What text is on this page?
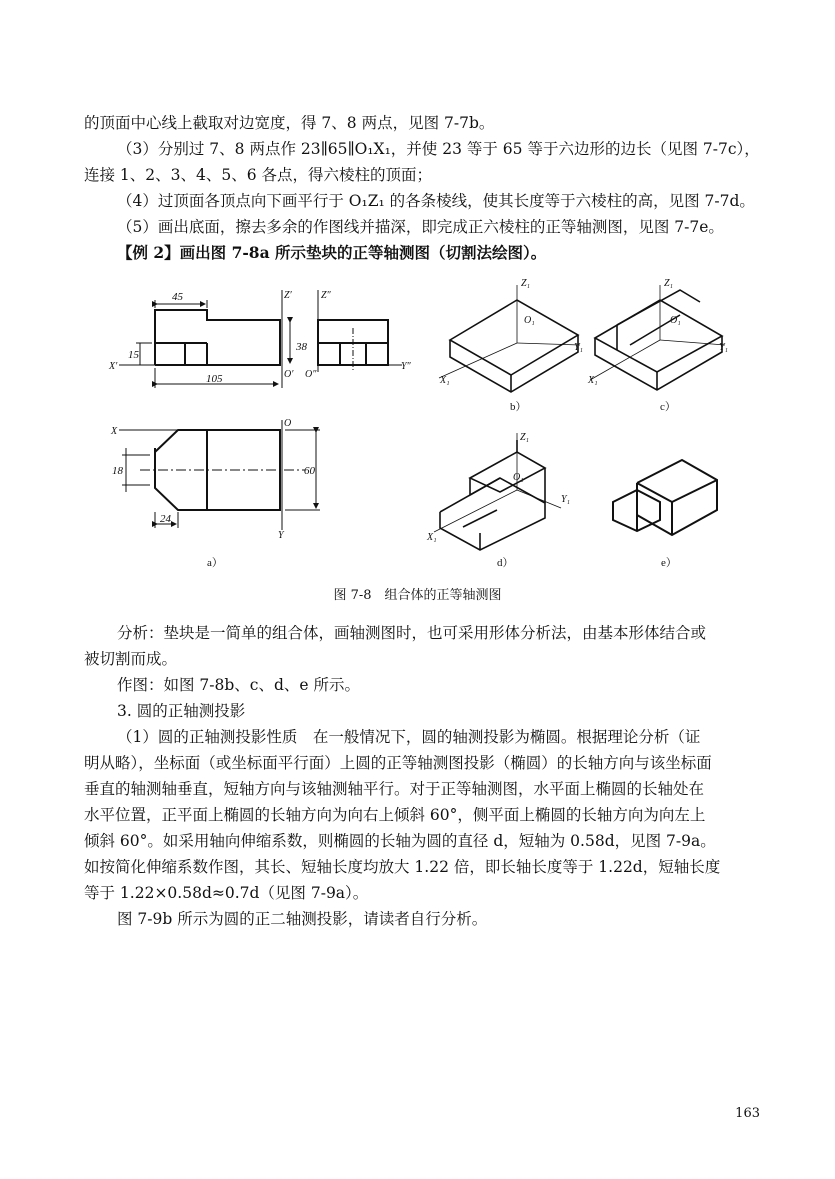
的顶面中心线上截取对边宽度，得 7、8 两点，见图 7-7b。
（3）分别过 7、8 两点作 23∥65∥O₁X₁，并使 23 等于 65 等于六边形的边长（见图 7-7c），
连接 1、2、3、4、5、6 各点，得六棱柱的顶面；
（4）过顶面各顶点向下画平行于 O₁Z₁ 的各条棱线，使其长度等于六棱柱的高，见图 7-7d。
（5）画出底面，擦去多余的作图线并描深，即完成正六棱柱的正等轴测图，见图 7-7e。
【例 2】画出图 7-8a 所示垫块的正等轴测图（切割法绘图）。
45
105
38
15
18
24
60
Z′	Z″
X′
O′ O″
Y″
X
O
Y
Z₁
O₁
X₁
Y₁
Z₁
O₁
X₁
Y₁
Z₁
O₁
X₁
Y₁
a）
b）	c）
d）	e）
图 7-8　组合体的正等轴测图
分析：垫块是一简单的组合体，画轴测图时，也可采用形体分析法，由基本形体结合或
被切割而成。
作图：如图 7-8b、c、d、e 所示。
3. 圆的正轴测投影
（1）圆的正轴测投影性质　在一般情况下，圆的轴测投影为椭圆。根据理论分析（证
明从略），坐标面（或坐标面平行面）上圆的正等轴测图投影（椭圆）的长轴方向与该坐标面
垂直的轴测轴垂直，短轴方向与该轴测轴平行。对于正等轴测图，水平面上椭圆的长轴处在
水平位置，正平面上椭圆的长轴方向为向右上倾斜 60°，侧平面上椭圆的长轴方向为向左上
倾斜 60°。如采用轴向伸缩系数，则椭圆的长轴为圆的直径 d，短轴为 0.58d，见图 7-9a。
如按简化伸缩系数作图，其长、短轴长度均放大 1.22 倍，即长轴长度等于 1.22d，短轴长度
等于 1.22×0.58d≈0.7d（见图 7-9a）。
图 7-9b 所示为圆的正二轴测投影，请读者自行分析。
163
